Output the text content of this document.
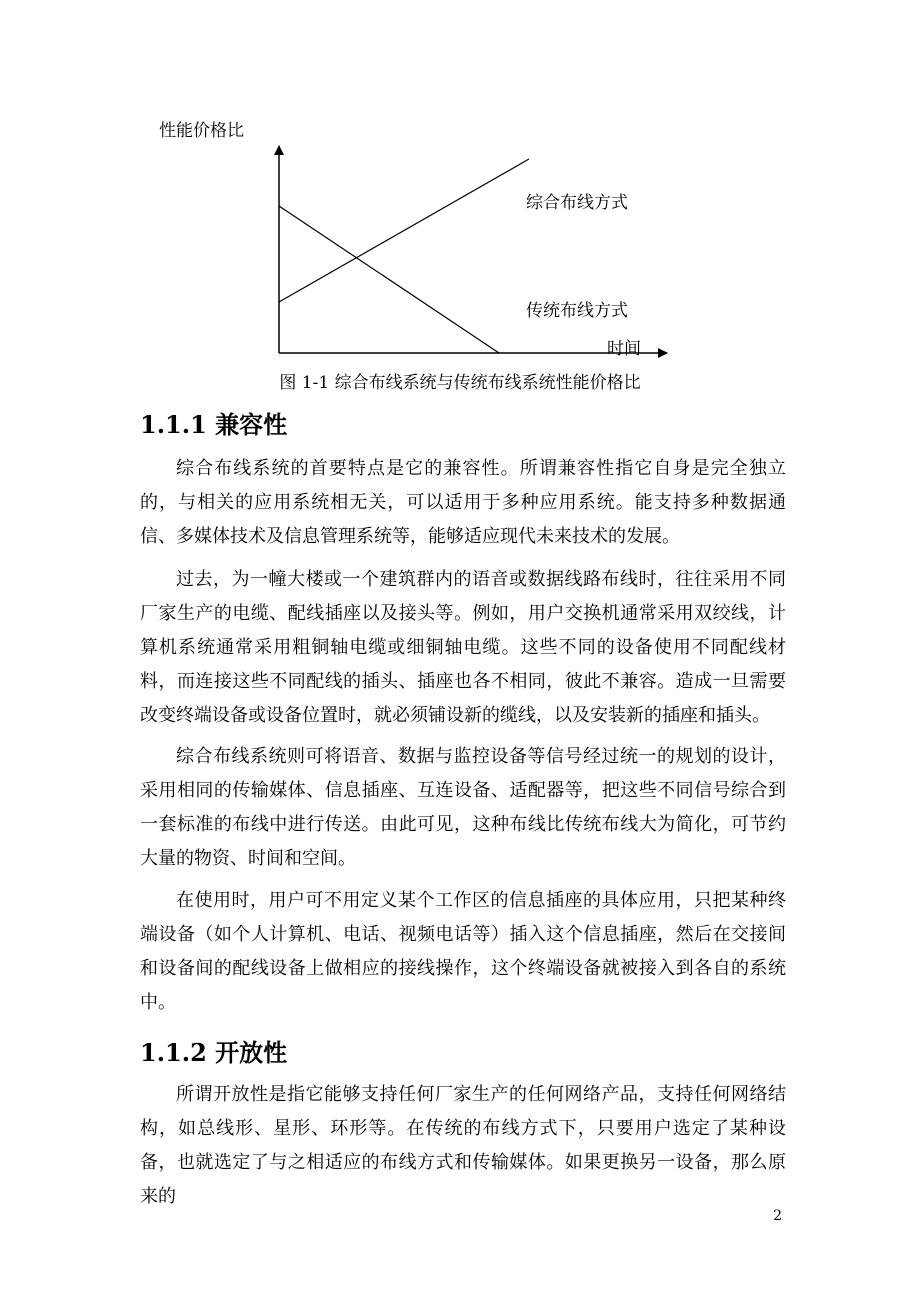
性能价格比
时间
综合布线方式
传统布线方式
图 1-1 综合布线系统与传统布线系统性能价格比
1.1.1 兼容性

综合布线系统的首要特点是它的兼容性。所谓兼容性指它自身是完全独立的，与相关的应用系统相无关，可以适用于多种应用系统。能支持多种数据通信、多媒体技术及信息管理系统等，能够适应现代未来技术的发展。

过去，为一幢大楼或一个建筑群内的语音或数据线路布线时，往往采用不同厂家生产的电缆、配线插座以及接头等。例如，用户交换机通常采用双绞线，计算机系统通常采用粗铜轴电缆或细铜轴电缆。这些不同的设备使用不同配线材料，而连接这些不同配线的插头、插座也各不相同，彼此不兼容。造成一旦需要改变终端设备或设备位置时，就必须铺设新的缆线，以及安装新的插座和插头。

综合布线系统则可将语音、数据与监控设备等信号经过统一的规划的设计，采用相同的传输媒体、信息插座、互连设备、适配器等，把这些不同信号综合到一套标准的布线中进行传送。由此可见，这种布线比传统布线大为简化，可节约大量的物资、时间和空间。

在使用时，用户可不用定义某个工作区的信息插座的具体应用，只把某种终端设备（如个人计算机、电话、视频电话等）插入这个信息插座，然后在交接间和设备间的配线设备上做相应的接线操作，这个终端设备就被接入到各自的系统中。

1.1.2 开放性

所谓开放性是指它能够支持任何厂家生产的任何网络产品，支持任何网络结构，如总线形、星形、环形等。在传统的布线方式下，只要用户选定了某种设备，也就选定了与之相适应的布线方式和传输媒体。如果更换另一设备，那么原来的

2
